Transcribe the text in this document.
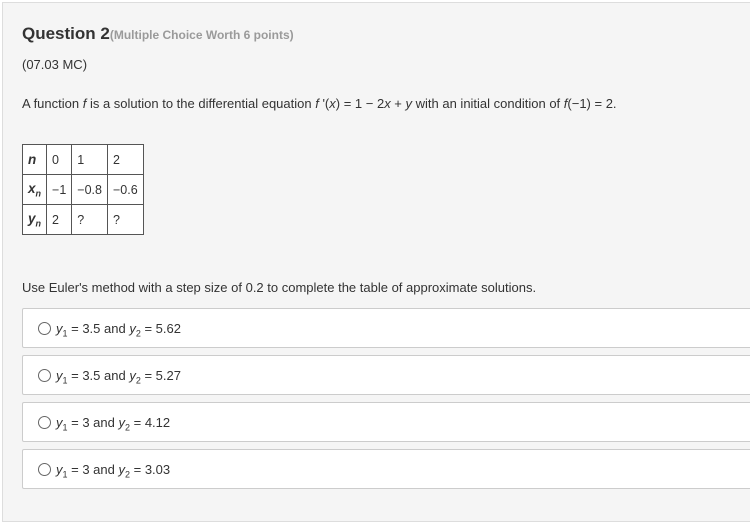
Question 2(Multiple Choice Worth 6 points)
(07.03 MC)
A function f is a solution to the differential equation f '(x) = 1 − 2x + y with an initial condition of f(−1) = 2.
n	0	1	2
$x_n$	−1	−0.8	−0.6
$y_n$	2	?	?
Use Euler's method with a step size of 0.2 to complete the table of approximate solutions.
$y_1 = 3.5$ and $y_2 = 5.62$
$y_1 = 3.5$ and $y_2 = 5.27$
$y_1 = 3$ and $y_2 = 4.12$
$y_1 = 3$ and $y_2 = 3.03$
